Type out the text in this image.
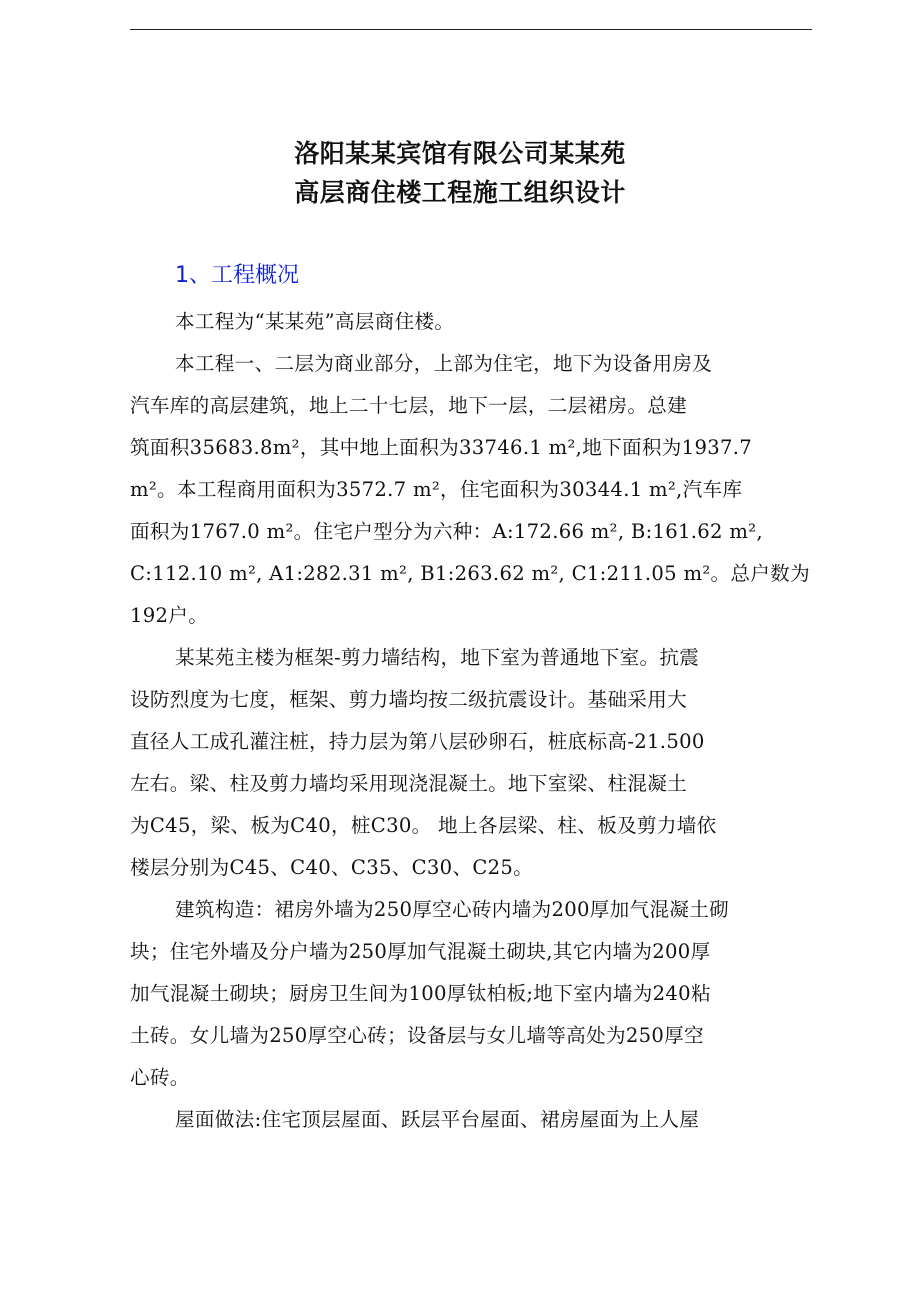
洛阳某某宾馆有限公司某某苑
高层商住楼工程施工组织设计
1、工程概况

本工程为“某某苑”高层商住楼。

本工程一、二层为商业部分，上部为住宅，地下为设备用房及
汽车库的高层建筑，地上二十七层，地下一层，二层裙房。总建
筑面积35683.8m²，其中地上面积为33746.1 m²,地下面积为1937.7
m²。本工程商用面积为3572.7 m²，住宅面积为30344.1 m²,汽车库
面积为1767.0 m²。住宅户型分为六种：A:172.66 m², B:161.62 m²,
C:112.10 m², A1:282.31 m², B1:263.62 m², C1:211.05 m²。总户数为
192户。

某某苑主楼为框架-剪力墙结构，地下室为普通地下室。抗震
设防烈度为七度，框架、剪力墙均按二级抗震设计。基础采用大
直径人工成孔灌注桩，持力层为第八层砂卵石，桩底标高-21.500
左右。梁、柱及剪力墙均采用现浇混凝土。地下室梁、柱混凝土
为C45，梁、板为C40，桩C30。 地上各层梁、柱、板及剪力墙依
楼层分别为C45、C40、C35、C30、C25。

建筑构造：裙房外墙为250厚空心砖内墙为200厚加气混凝土砌
块；住宅外墙及分户墙为250厚加气混凝土砌块,其它内墙为200厚
加气混凝土砌块；厨房卫生间为100厚钛柏板;地下室内墙为240粘
土砖。女儿墙为250厚空心砖；设备层与女儿墙等高处为250厚空
心砖。

屋面做法:住宅顶层屋面、跃层平台屋面、裙房屋面为上人屋
